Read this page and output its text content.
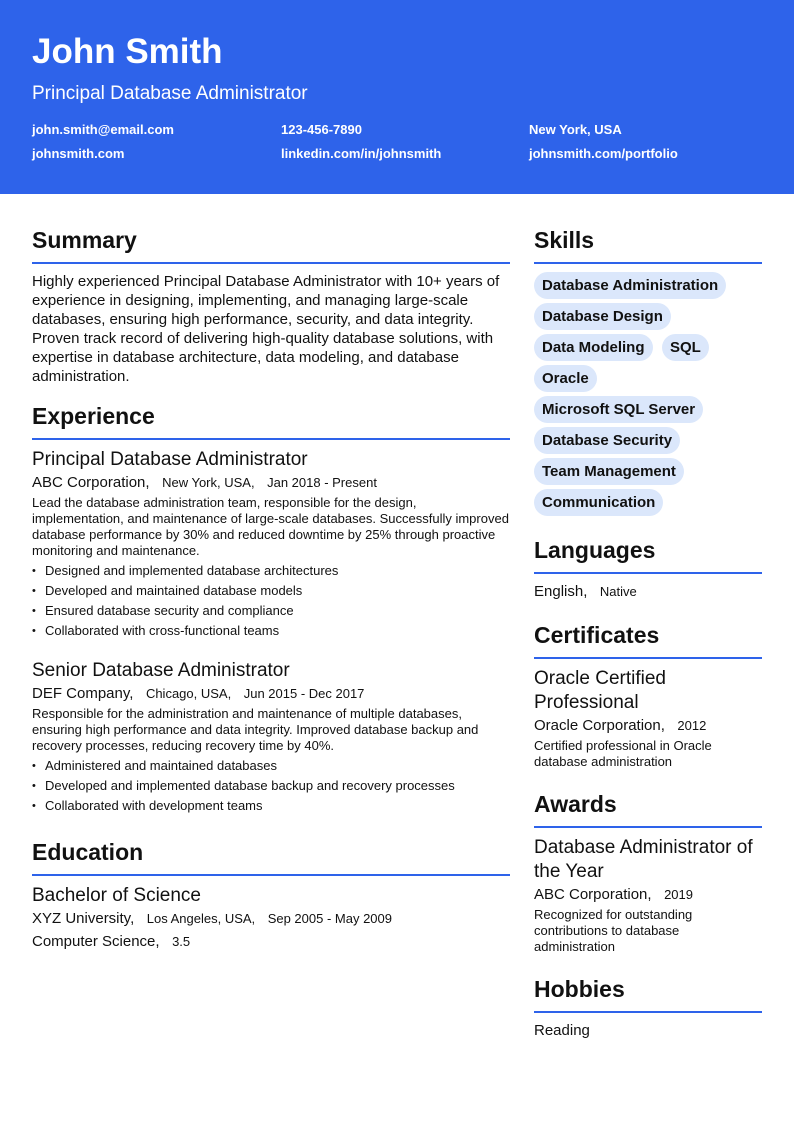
John Smith
Principal Database Administrator
john.smith@email.com	123-456-7890	New York, USA
johnsmith.com	linkedin.com/in/johnsmith	johnsmith.com/portfolio
Summary
Highly experienced Principal Database Administrator with 10+ years of experience in designing, implementing, and managing large-scale databases, ensuring high performance, security, and data integrity. Proven track record of delivering high-quality database solutions, with expertise in database architecture, data modeling, and database administration.
Experience
Principal Database Administrator
ABC Corporation, New York, USA, Jan 2018 - Present
Lead the database administration team, responsible for the design, implementation, and maintenance of large-scale databases. Successfully improved database performance by 30% and reduced downtime by 25% through proactive monitoring and maintenance.
• Designed and implemented database architectures
• Developed and maintained database models
• Ensured database security and compliance
• Collaborated with cross-functional teams
Senior Database Administrator
DEF Company, Chicago, USA, Jun 2015 - Dec 2017
Responsible for the administration and maintenance of multiple databases, ensuring high performance and data integrity. Improved database backup and recovery processes, reducing recovery time by 40%.
• Administered and maintained databases
• Developed and implemented database backup and recovery processes
• Collaborated with development teams
Education
Bachelor of Science
XYZ University, Los Angeles, USA, Sep 2005 - May 2009
Computer Science, 3.5
Skills
Database Administration
Database Design
Data Modeling	SQL
Oracle
Microsoft SQL Server
Database Security
Team Management
Communication
Languages
English, Native
Certificates
Oracle Certified Professional
Oracle Corporation, 2012
Certified professional in Oracle database administration
Awards
Database Administrator of the Year
ABC Corporation, 2019
Recognized for outstanding contributions to database administration
Hobbies
Reading
